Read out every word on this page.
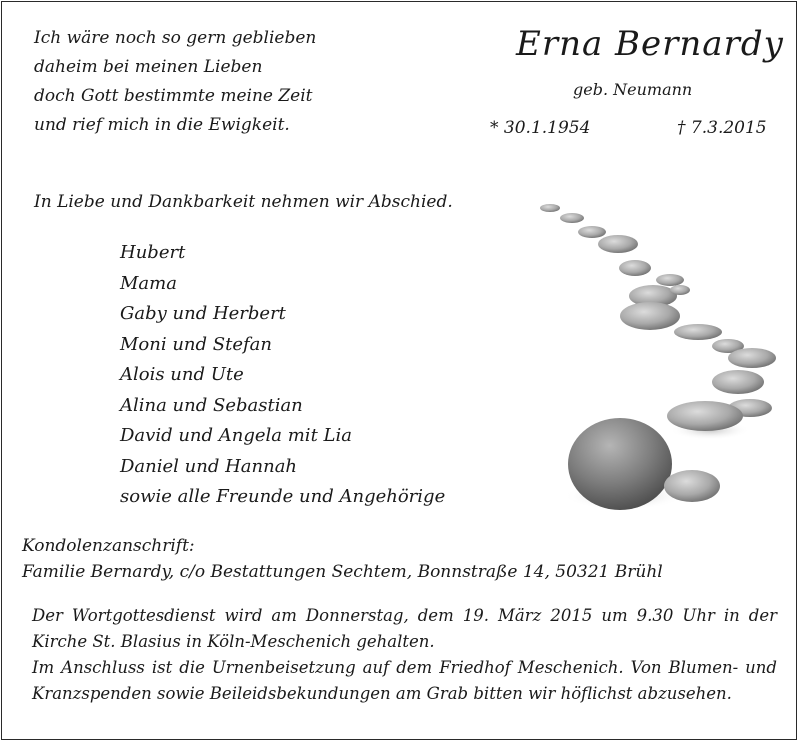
Ich wäre noch so gern geblieben
daheim bei meinen Lieben
doch Gott bestimmte meine Zeit
und rief mich in die Ewigkeit.
Erna Bernardy
geb. Neumann
* 30.1.1954	† 7.3.2015
In Liebe und Dankbarkeit nehmen wir Abschied.
Hubert
Mama
Gaby und Herbert
Moni und Stefan
Alois und Ute
Alina und Sebastian
David und Angela mit Lia
Daniel und Hannah
sowie alle Freunde und Angehörige
Kondolenzanschrift:
Familie Bernardy, c/o Bestattungen Sechtem, Bonnstraße 14, 50321 Brühl

Der Wortgottesdienst wird am Donnerstag, dem 19. März 2015 um 9.30 Uhr in der Kirche St. Blasius in Köln-Meschenich gehalten.

Im Anschluss ist die Urnenbeisetzung auf dem Friedhof Meschenich. Von Blumen- und Kranzspenden sowie Beileidsbekundungen am Grab bitten wir höflichst abzusehen.
